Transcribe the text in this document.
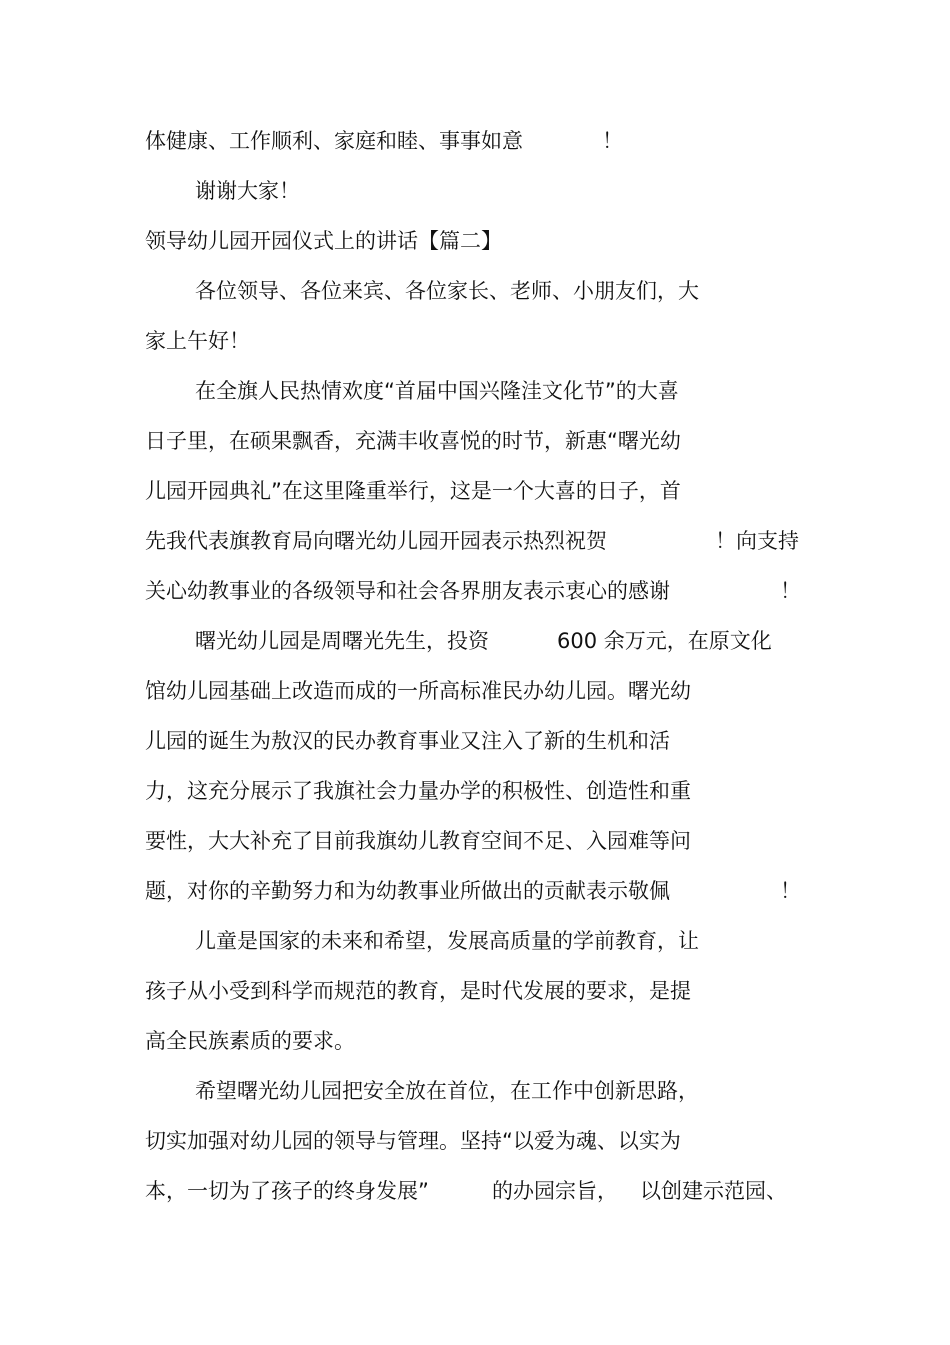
体健康、工作顺利、家庭和睦、事事如意	！
谢谢大家！
领导幼儿园开园仪式上的讲话【篇二】
各位领导、各位来宾、各位家长、老师、小朋友们，大
家上午好！
在全旗人民热情欢度“首届中国兴隆洼文化节”的大喜
日子里，在硕果飘香，充满丰收喜悦的时节，新惠“曙光幼
儿园开园典礼”在这里隆重举行，这是一个大喜的日子，首
先我代表旗教育局向曙光幼儿园开园表示热烈祝贺	！向支持
关心幼教事业的各级领导和社会各界朋友表示衷心的感谢	！
曙光幼儿园是周曙光先生，投资	600 余万元，在原文化
馆幼儿园基础上改造而成的一所高标准民办幼儿园。曙光幼
儿园的诞生为敖汉的民办教育事业又注入了新的生机和活
力，这充分展示了我旗社会力量办学的积极性、创造性和重
要性，大大补充了目前我旗幼儿教育空间不足、入园难等问
题，对你的辛勤努力和为幼教事业所做出的贡献表示敬佩	！
儿童是国家的未来和希望，发展高质量的学前教育，让
孩子从小受到科学而规范的教育，是时代发展的要求，是提
高全民族素质的要求。
希望曙光幼儿园把安全放在首位，在工作中创新思路，
切实加强对幼儿园的领导与管理。坚持“以爱为魂、以实为
本，一切为了孩子的终身发展”	的办园宗旨， 以创建示范园、
